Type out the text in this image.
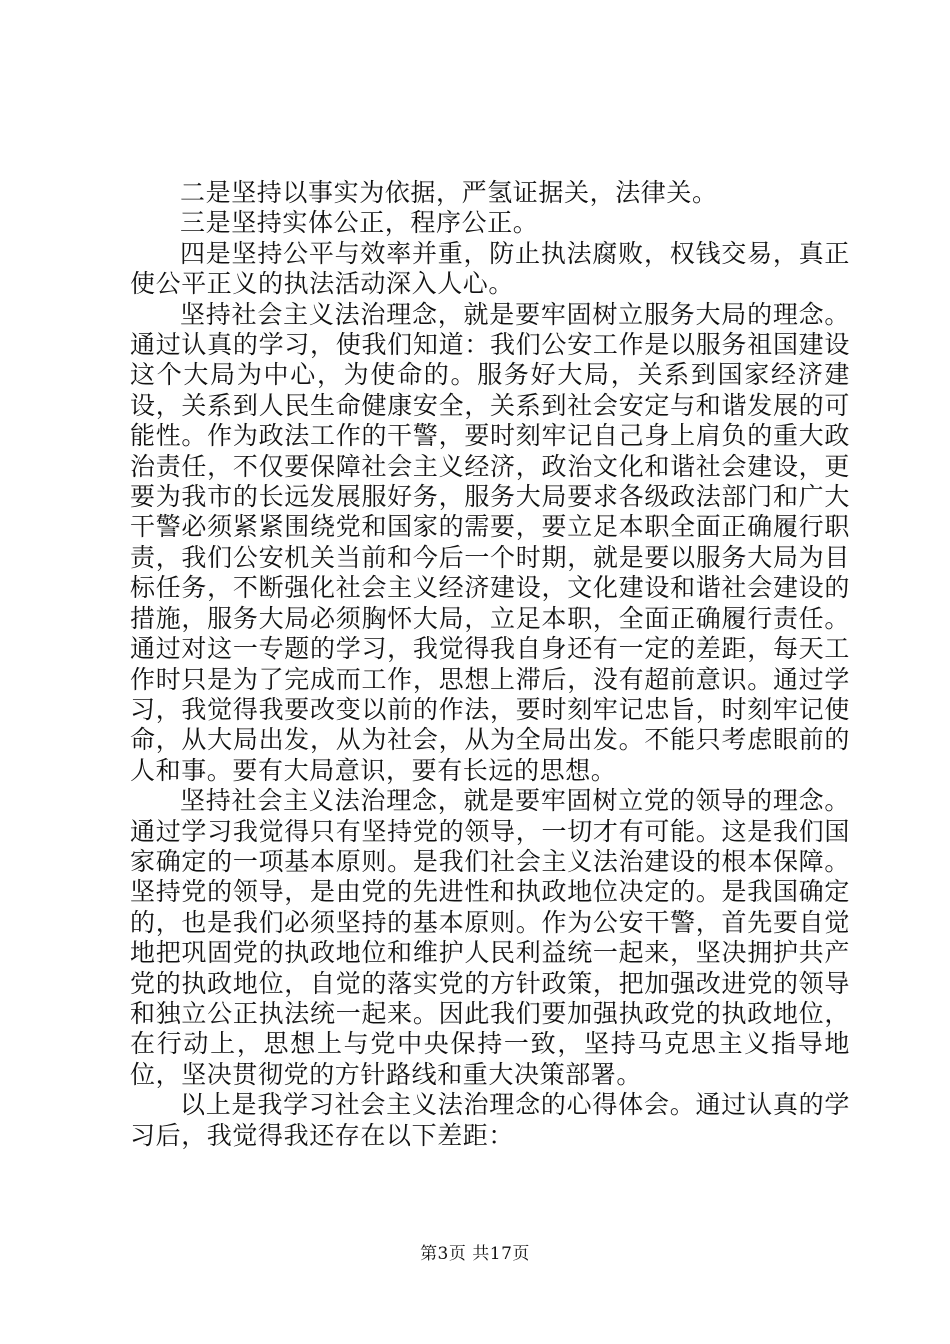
二是坚持以事实为依据，严氢证据关，法律关。

三是坚持实体公正，程序公正。

四是坚持公平与效率并重，防止执法腐败，权钱交易，真正使公平正义的执法活动深入人心。

坚持社会主义法治理念，就是要牢固树立服务大局的理念。通过认真的学习，使我们知道：我们公安工作是以服务祖国建设这个大局为中心，为使命的。服务好大局，关系到国家经济建设，关系到人民生命健康安全，关系到社会安定与和谐发展的可能性。作为政法工作的干警，要时刻牢记自己身上肩负的重大政治责任，不仅要保障社会主义经济，政治文化和谐社会建设，更要为我市的长远发展服好务，服务大局要求各级政法部门和广大干警必须紧紧围绕党和国家的需要，要立足本职全面正确履行职责，我们公安机关当前和今后一个时期，就是要以服务大局为目标任务，不断强化社会主义经济建设，文化建设和谐社会建设的措施，服务大局必须胸怀大局，立足本职，全面正确履行责任。通过对这一专题的学习，我觉得我自身还有一定的差距，每天工作时只是为了完成而工作，思想上滞后，没有超前意识。通过学习，我觉得我要改变以前的作法，要时刻牢记忠旨，时刻牢记使命，从大局出发，从为社会，从为全局出发。不能只考虑眼前的人和事。要有大局意识，要有长远的思想。

坚持社会主义法治理念，就是要牢固树立党的领导的理念。通过学习我觉得只有坚持党的领导，一切才有可能。这是我们国家确定的一项基本原则。是我们社会主义法治建设的根本保障。坚持党的领导，是由党的先进性和执政地位决定的。是我国确定的，也是我们必须坚持的基本原则。作为公安干警，首先要自觉地把巩固党的执政地位和维护人民利益统一起来，坚决拥护共产党的执政地位，自觉的落实党的方针政策，把加强改进党的领导和独立公正执法统一起来。因此我们要加强执政党的执政地位，在行动上，思想上与党中央保持一致，坚持马克思主义指导地位，坚决贯彻党的方针路线和重大决策部署。

以上是我学习社会主义法治理念的心得体会。通过认真的学习后，我觉得我还存在以下差距：

第3页 共17页
